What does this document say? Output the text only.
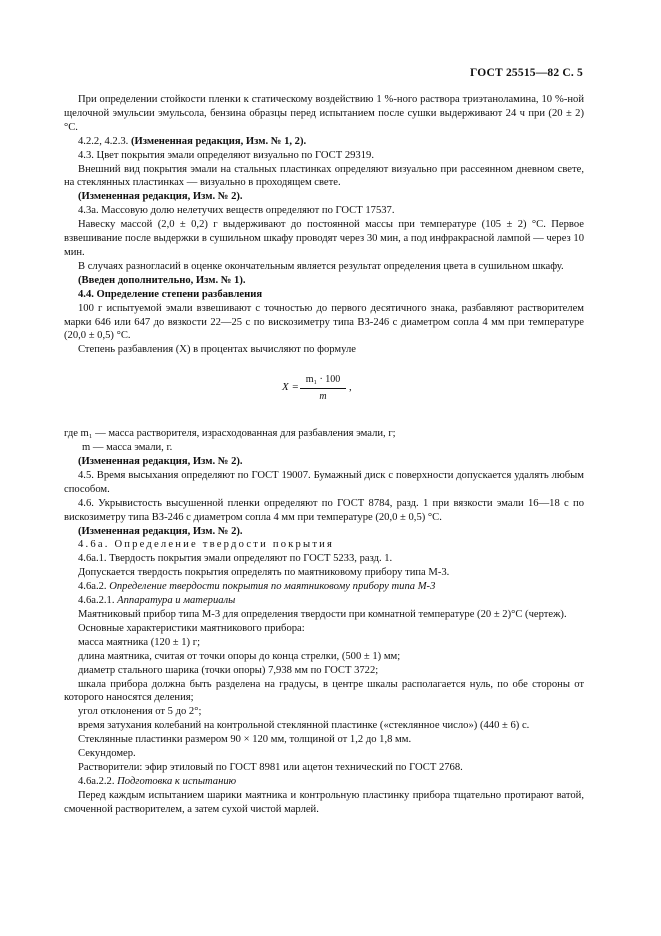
ГОСТ 25515—82 С. 5

При определении стойкости пленки к статическому воздействию 1 %-ного раствора триэтаноламина, 10 %-ной щелочной эмульсии эмульсола, бензина образцы перед испытанием после сушки выдерживают 24 ч при (20 ± 2) °С.

4.2.2, 4.2.3. (Измененная редакция, Изм. № 1, 2).

4.3. Цвет покрытия эмали определяют визуально по ГОСТ 29319.

Внешний вид покрытия эмали на стальных пластинках определяют визуально при рассеянном дневном свете, на стеклянных пластинках — визуально в проходящем свете.

(Измененная редакция, Изм. № 2).

4.3а. Массовую долю нелетучих веществ определяют по ГОСТ 17537.

Навеску массой (2,0 ± 0,2) г выдерживают до постоянной массы при температуре (105 ± 2) °С. Первое взвешивание после выдержки в сушильном шкафу проводят через 30 мин, а под инфракрасной лампой — через 10 мин.

В случаях разногласий в оценке окончательным является результат определения цвета в сушильном шкафу.

(Введен дополнительно, Изм. № 1).

4.4. Определение степени разбавления

100 г испытуемой эмали взвешивают с точностью до первого десятичного знака, разбавляют растворителем марки 646 или 647 до вязкости 22—25 с по вискозиметру типа ВЗ-246 с диаметром сопла 4 мм при температуре (20,0 ± 0,5) °С.

Степень разбавления (X) в процентах вычисляют по формуле

$X = \frac{\text{m₁ · 100}}{m}$ ,

где m₁ — масса растворителя, израсходованная для разбавления эмали, г;

m — масса эмали, г.

(Измененная редакция, Изм. № 2).

4.5. Время высыхания определяют по ГОСТ 19007. Бумажный диск с поверхности допускается удалять любым способом.

4.6. Укрывистость высушенной пленки определяют по ГОСТ 8784, разд. 1 при вязкости эмали 16—18 с по вискозиметру типа ВЗ-246 с диаметром сопла 4 мм при температуре (20,0 ± 0,5) °С.

(Измененная редакция, Изм. № 2).

4.6а. Определение твердости покрытия

4.6а.1. Твердость покрытия эмали определяют по ГОСТ 5233, разд. 1.

Допускается твердость покрытия определять по маятниковому прибору типа М-3.

4.6а.2. Определение твердости покрытия по маятниковому прибору типа М-3

4.6а.2.1. Аппаратура и материалы

Маятниковый прибор типа М-3 для определения твердости при комнатной температуре (20 ± 2)°С (чертеж).

Основные характеристики маятникового прибора:

масса маятника (120 ± 1) г;

длина маятника, считая от точки опоры до конца стрелки, (500 ± 1) мм;

диаметр стального шарика (точки опоры) 7,938 мм по ГОСТ 3722;

шкала прибора должна быть разделена на градусы, в центре шкалы располагается нуль, по обе стороны от которого наносятся деления;

угол отклонения от 5 до 2°;

время затухания колебаний на контрольной стеклянной пластинке («стеклянное число») (440 ± 6) с.

Стеклянные пластинки размером 90 × 120 мм, толщиной от 1,2 до 1,8 мм.

Секундомер.

Растворители: эфир этиловый по ГОСТ 8981 или ацетон технический по ГОСТ 2768.

4.6а.2.2. Подготовка к испытанию

Перед каждым испытанием шарики маятника и контрольную пластинку прибора тщательно протирают ватой, смоченной растворителем, а затем сухой чистой марлей.
